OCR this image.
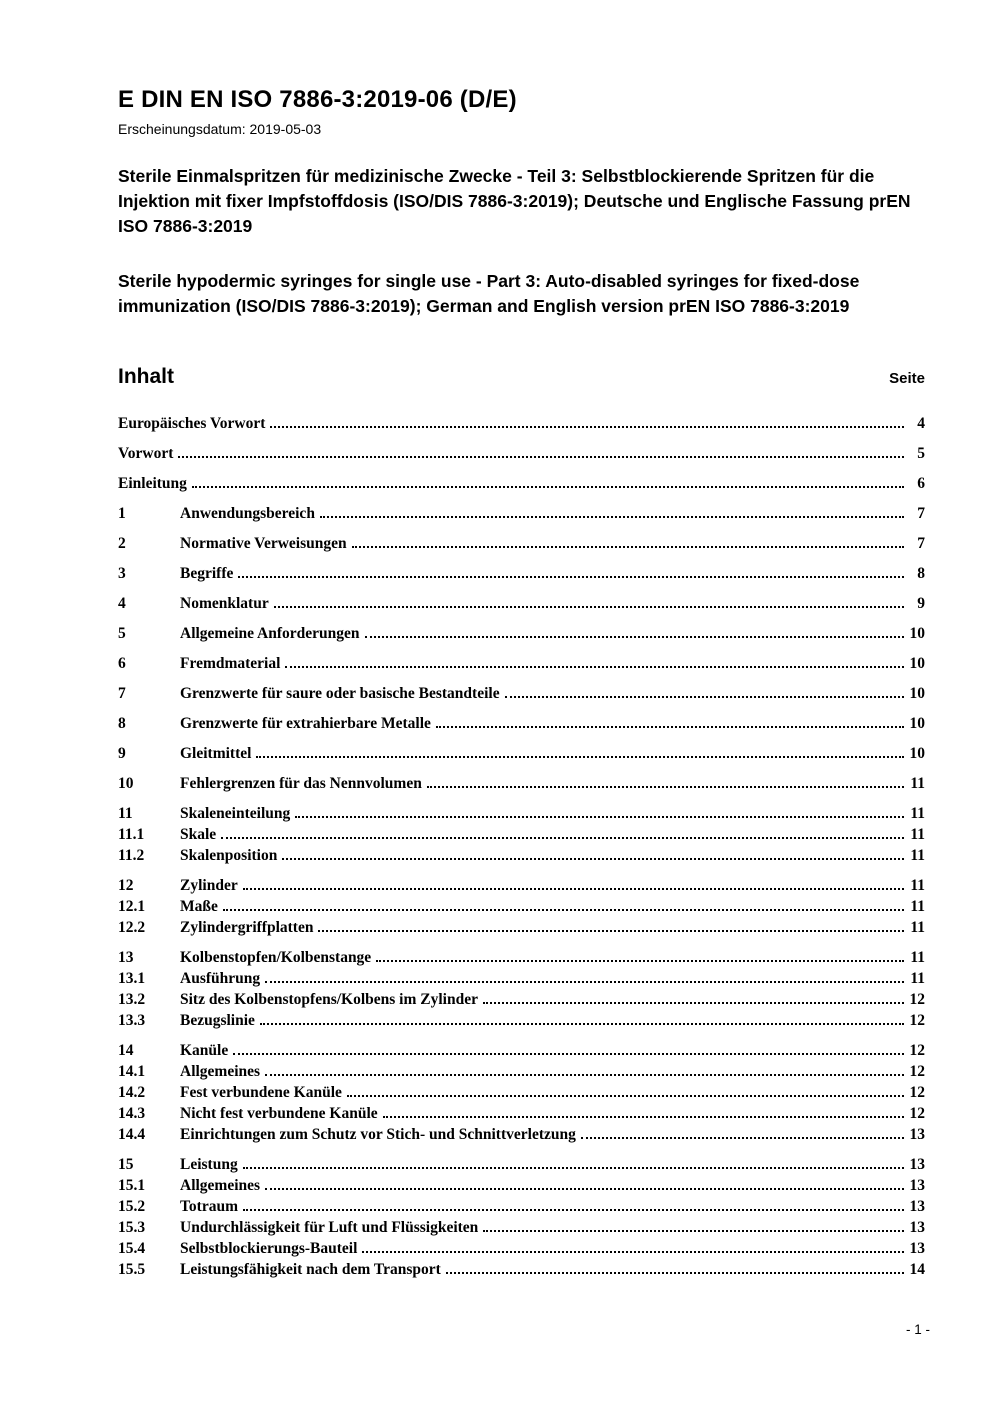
E DIN EN ISO 7886-3:2019-06 (D/E)
Erscheinungsdatum: 2019-05-03

Sterile Einmalspritzen für medizinische Zwecke - Teil 3: Selbstblockierende Spritzen für die Injektion mit fixer Impfstoffdosis (ISO/DIS 7886-3:2019); Deutsche und Englische Fassung prEN ISO 7886-3:2019

Sterile hypodermic syringes for single use - Part 3: Auto-disabled syringes for fixed-dose immunization (ISO/DIS 7886-3:2019); German and English version prEN ISO 7886-3:2019

Inhalt	Seite
Europäisches Vorwort	4
Vorwort	5
Einleitung	6
1	Anwendungsbereich	7
2	Normative Verweisungen	7
3	Begriffe	8
4	Nomenklatur	9
5	Allgemeine Anforderungen	10
6	Fremdmaterial	10
7	Grenzwerte für saure oder basische Bestandteile	10
8	Grenzwerte für extrahierbare Metalle	10
9	Gleitmittel	10
10	Fehlergrenzen für das Nennvolumen	11
11	Skaleneinteilung	11
11.1	Skale	11
11.2	Skalenposition	11
12	Zylinder	11
12.1	Maße	11
12.2	Zylindergriffplatten	11
13	Kolbenstopfen/Kolbenstange	11
13.1	Ausführung	11
13.2	Sitz des Kolbenstopfens/Kolbens im Zylinder	12
13.3	Bezugslinie	12
14	Kanüle	12
14.1	Allgemeines	12
14.2	Fest verbundene Kanüle	12
14.3	Nicht fest verbundene Kanüle	12
14.4	Einrichtungen zum Schutz vor Stich- und Schnittverletzung	13
15	Leistung	13
15.1	Allgemeines	13
15.2	Totraum	13
15.3	Undurchlässigkeit für Luft und Flüssigkeiten	13
15.4	Selbstblockierungs-Bauteil	13
15.5	Leistungsfähigkeit nach dem Transport	14
- 1 -
